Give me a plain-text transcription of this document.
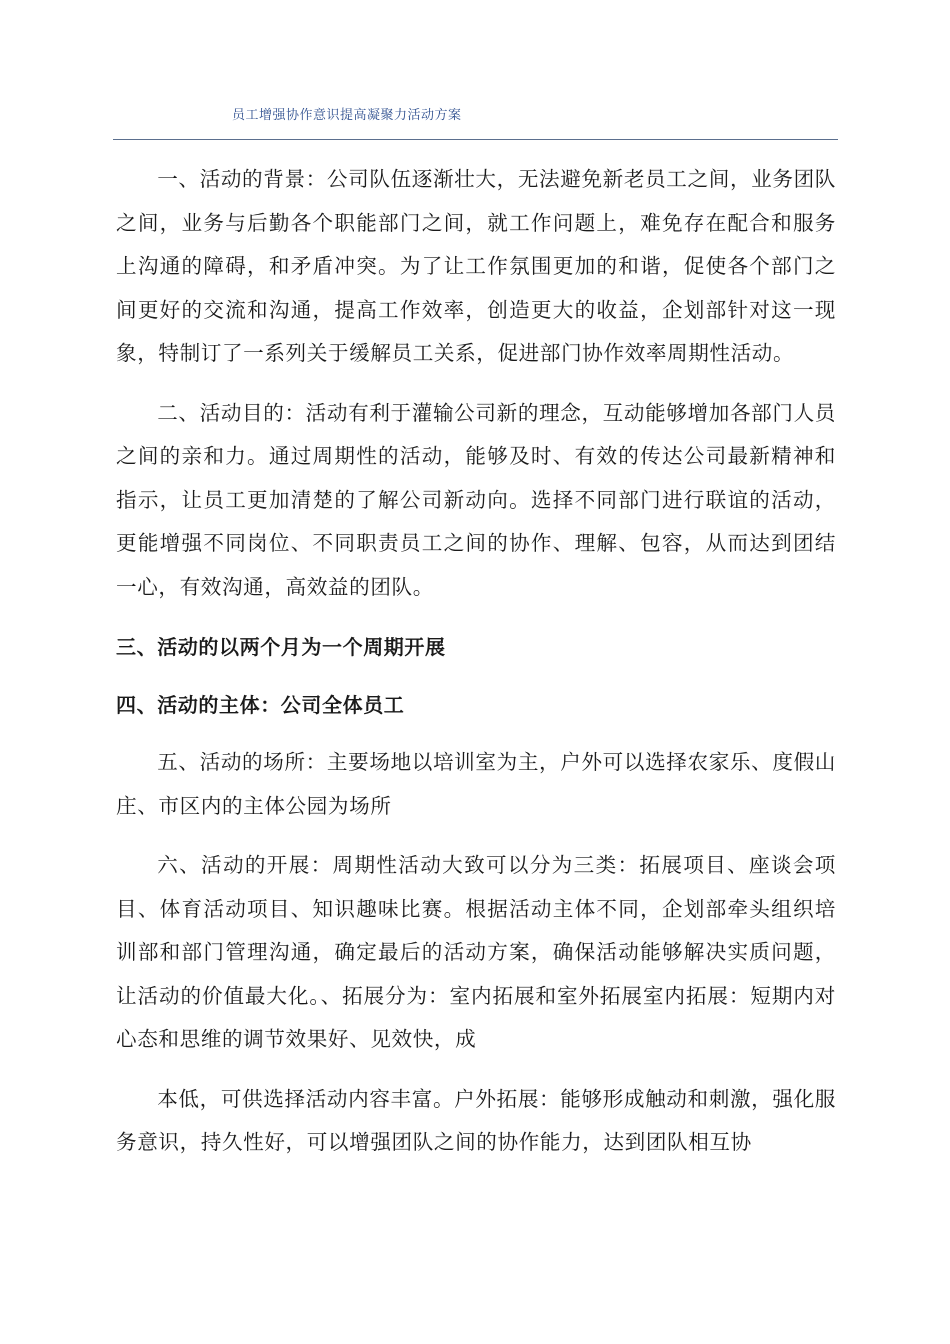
员工增强协作意识提高凝聚力活动方案

一、活动的背景：公司队伍逐渐壮大，无法避免新老员工之间，业务团队之间，业务与后勤各个职能部门之间，就工作问题上，难免存在配合和服务上沟通的障碍，和矛盾冲突。为了让工作氛围更加的和谐，促使各个部门之间更好的交流和沟通，提高工作效率，创造更大的收益，企划部针对这一现象，特制订了一系列关于缓解员工关系，促进部门协作效率周期性活动。

二、活动目的：活动有利于灌输公司新的理念，互动能够增加各部门人员之间的亲和力。通过周期性的活动，能够及时、有效的传达公司最新精神和指示，让员工更加清楚的了解公司新动向。选择不同部门进行联谊的活动，更能增强不同岗位、不同职责员工之间的协作、理解、包容，从而达到团结一心，有效沟通，高效益的团队。

三、活动的以两个月为一个周期开展

四、活动的主体：公司全体员工

五、活动的场所：主要场地以培训室为主，户外可以选择农家乐、度假山庄、市区内的主体公园为场所

六、活动的开展：周期性活动大致可以分为三类：拓展项目、座谈会项目、体育活动项目、知识趣味比赛。根据活动主体不同，企划部牵头组织培训部和部门管理沟通，确定最后的活动方案，确保活动能够解决实质问题，让活动的价值最大化。、拓展分为：室内拓展和室外拓展室内拓展：短期内对心态和思维的调节效果好、见效快，成

本低，可供选择活动内容丰富。户外拓展：能够形成触动和刺激，强化服务意识，持久性好，可以增强团队之间的协作能力，达到团队相互协
